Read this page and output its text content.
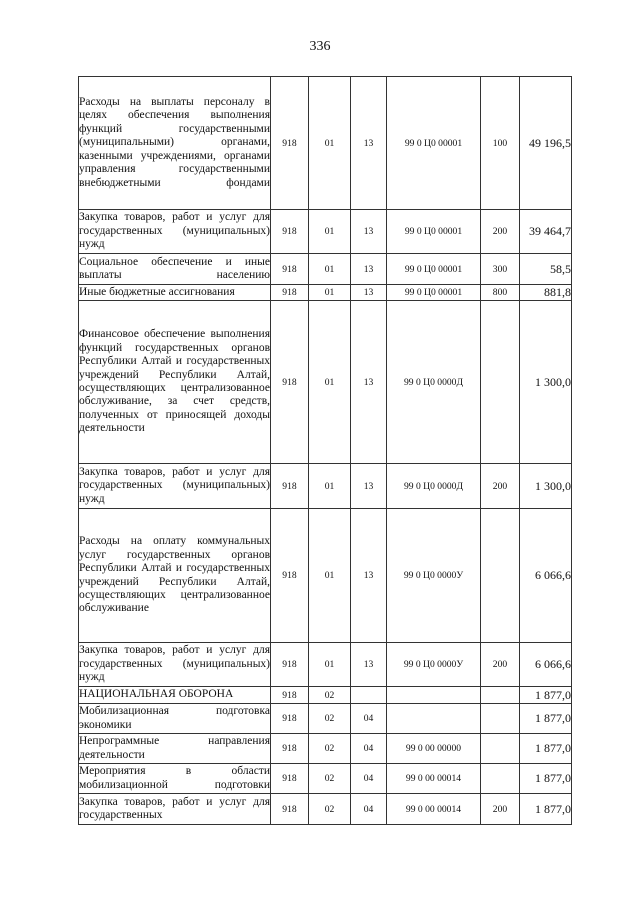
336
Расходы на выплаты персоналу в целях обеспечения выполнения функций государственными (муниципальными) органами, казенными учреждениями, органами управления государственными внебюджетными фондами	918	01	13	99 0 Ц0 00001	100	49 196,5
Закупка товаров, работ и услуг для государственных (муниципальных) нужд	918	01	13	99 0 Ц0 00001	200	39 464,7
Социальное обеспечение и иные выплаты населению	918	01	13	99 0 Ц0 00001	300	58,5
Иные бюджетные ассигнования	918	01	13	99 0 Ц0 00001	800	881,8
Финансовое обеспечение выполнения функций государственных органов Республики Алтай и государственных учреждений Республики Алтай, осуществляющих централизованное обслуживание, за счет средств, полученных от приносящей доходы деятельности	918	01	13	99 0 Ц0 0000Д		1 300,0
Закупка товаров, работ и услуг для государственных (муниципальных) нужд	918	01	13	99 0 Ц0 0000Д	200	1 300,0
Расходы на оплату коммунальных услуг государственных органов Республики Алтай и государственных учреждений Республики Алтай, осуществляющих централизованное обслуживание	918	01	13	99 0 Ц0 0000У		6 066,6
Закупка товаров, работ и услуг для государственных (муниципальных) нужд	918	01	13	99 0 Ц0 0000У	200	6 066,6
НАЦИОНАЛЬНАЯ ОБОРОНА	918	02				1 877,0
Мобилизационная подготовка экономики	918	02	04			1 877,0
Непрограммные направления деятельности	918	02	04	99 0 00 00000		1 877,0
Мероприятия в области мобилизационной подготовки	918	02	04	99 0 00 00014		1 877,0
Закупка товаров, работ и услуг для государственных	918	02	04	99 0 00 00014	200	1 877,0
